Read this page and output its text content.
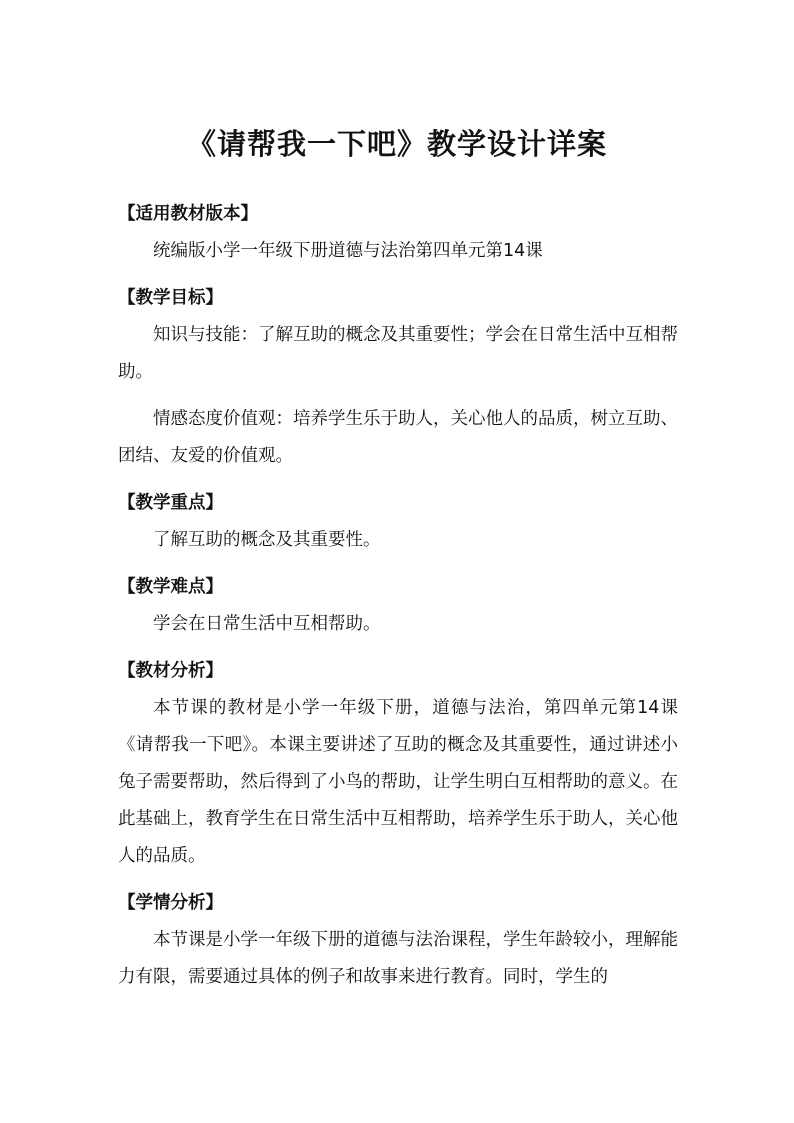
《请帮我一下吧》教学设计详案
【适用教材版本】
统编版小学一年级下册道德与法治第四单元第14课
【教学目标】
知识与技能：了解互助的概念及其重要性；学会在日常生活中互相帮助。
情感态度价值观：培养学生乐于助人，关心他人的品质，树立互助、团结、友爱的价值观。
【教学重点】
了解互助的概念及其重要性。
【教学难点】
学会在日常生活中互相帮助。
【教材分析】
本节课的教材是小学一年级下册，道德与法治，第四单元第14课《请帮我一下吧》。本课主要讲述了互助的概念及其重要性，通过讲述小兔子需要帮助，然后得到了小鸟的帮助，让学生明白互相帮助的意义。在此基础上，教育学生在日常生活中互相帮助，培养学生乐于助人，关心他人的品质。
【学情分析】
本节课是小学一年级下册的道德与法治课程，学生年龄较小，理解能力有限，需要通过具体的例子和故事来进行教育。同时，学生的
